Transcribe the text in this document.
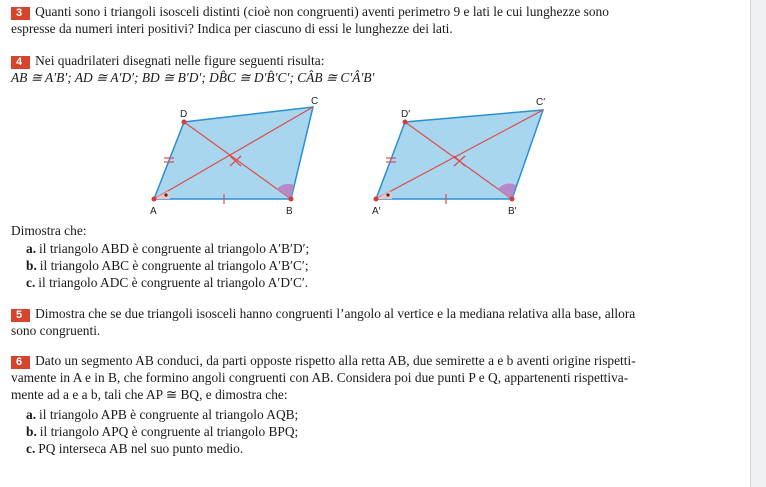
3 Quanti sono i triangoli isosceli distinti (cioè non congruenti) aventi perimetro 9 e lati le cui lunghezze sono
espresse da numeri interi positivi? Indica per ciascuno di essi le lunghezze dei lati.
4 Nei quadrilateri disegnati nelle figure seguenti risulta:
AB ≅ A′B′; AD ≅ A′D′; BD ≅ B′D′; DB̂C ≅ D′B̂′C′; CÂB ≅ C′Â′B′
A	B
C
D
A′	B′
C′
D′
Dimostra che:
a. il triangolo ABD è congruente al triangolo A′B′D′;
b. il triangolo ABC è congruente al triangolo A′B′C′;
c. il triangolo ADC è congruente al triangolo A′D′C′.
5 Dimostra che se due triangoli isosceli hanno congruenti l’angolo al vertice e la mediana relativa alla base, allora
sono congruenti.
6 Dato un segmento AB conduci, da parti opposte rispetto alla retta AB, due semirette a e b aventi origine rispetti-
vamente in A e in B, che formino angoli congruenti con AB. Considera poi due punti P e Q, appartenenti rispettiva-
mente ad a e a b, tali che AP ≅ BQ, e dimostra che:
a. il triangolo APB è congruente al triangolo AQB;
b. il triangolo APQ è congruente al triangolo BPQ;
c. PQ interseca AB nel suo punto medio.
